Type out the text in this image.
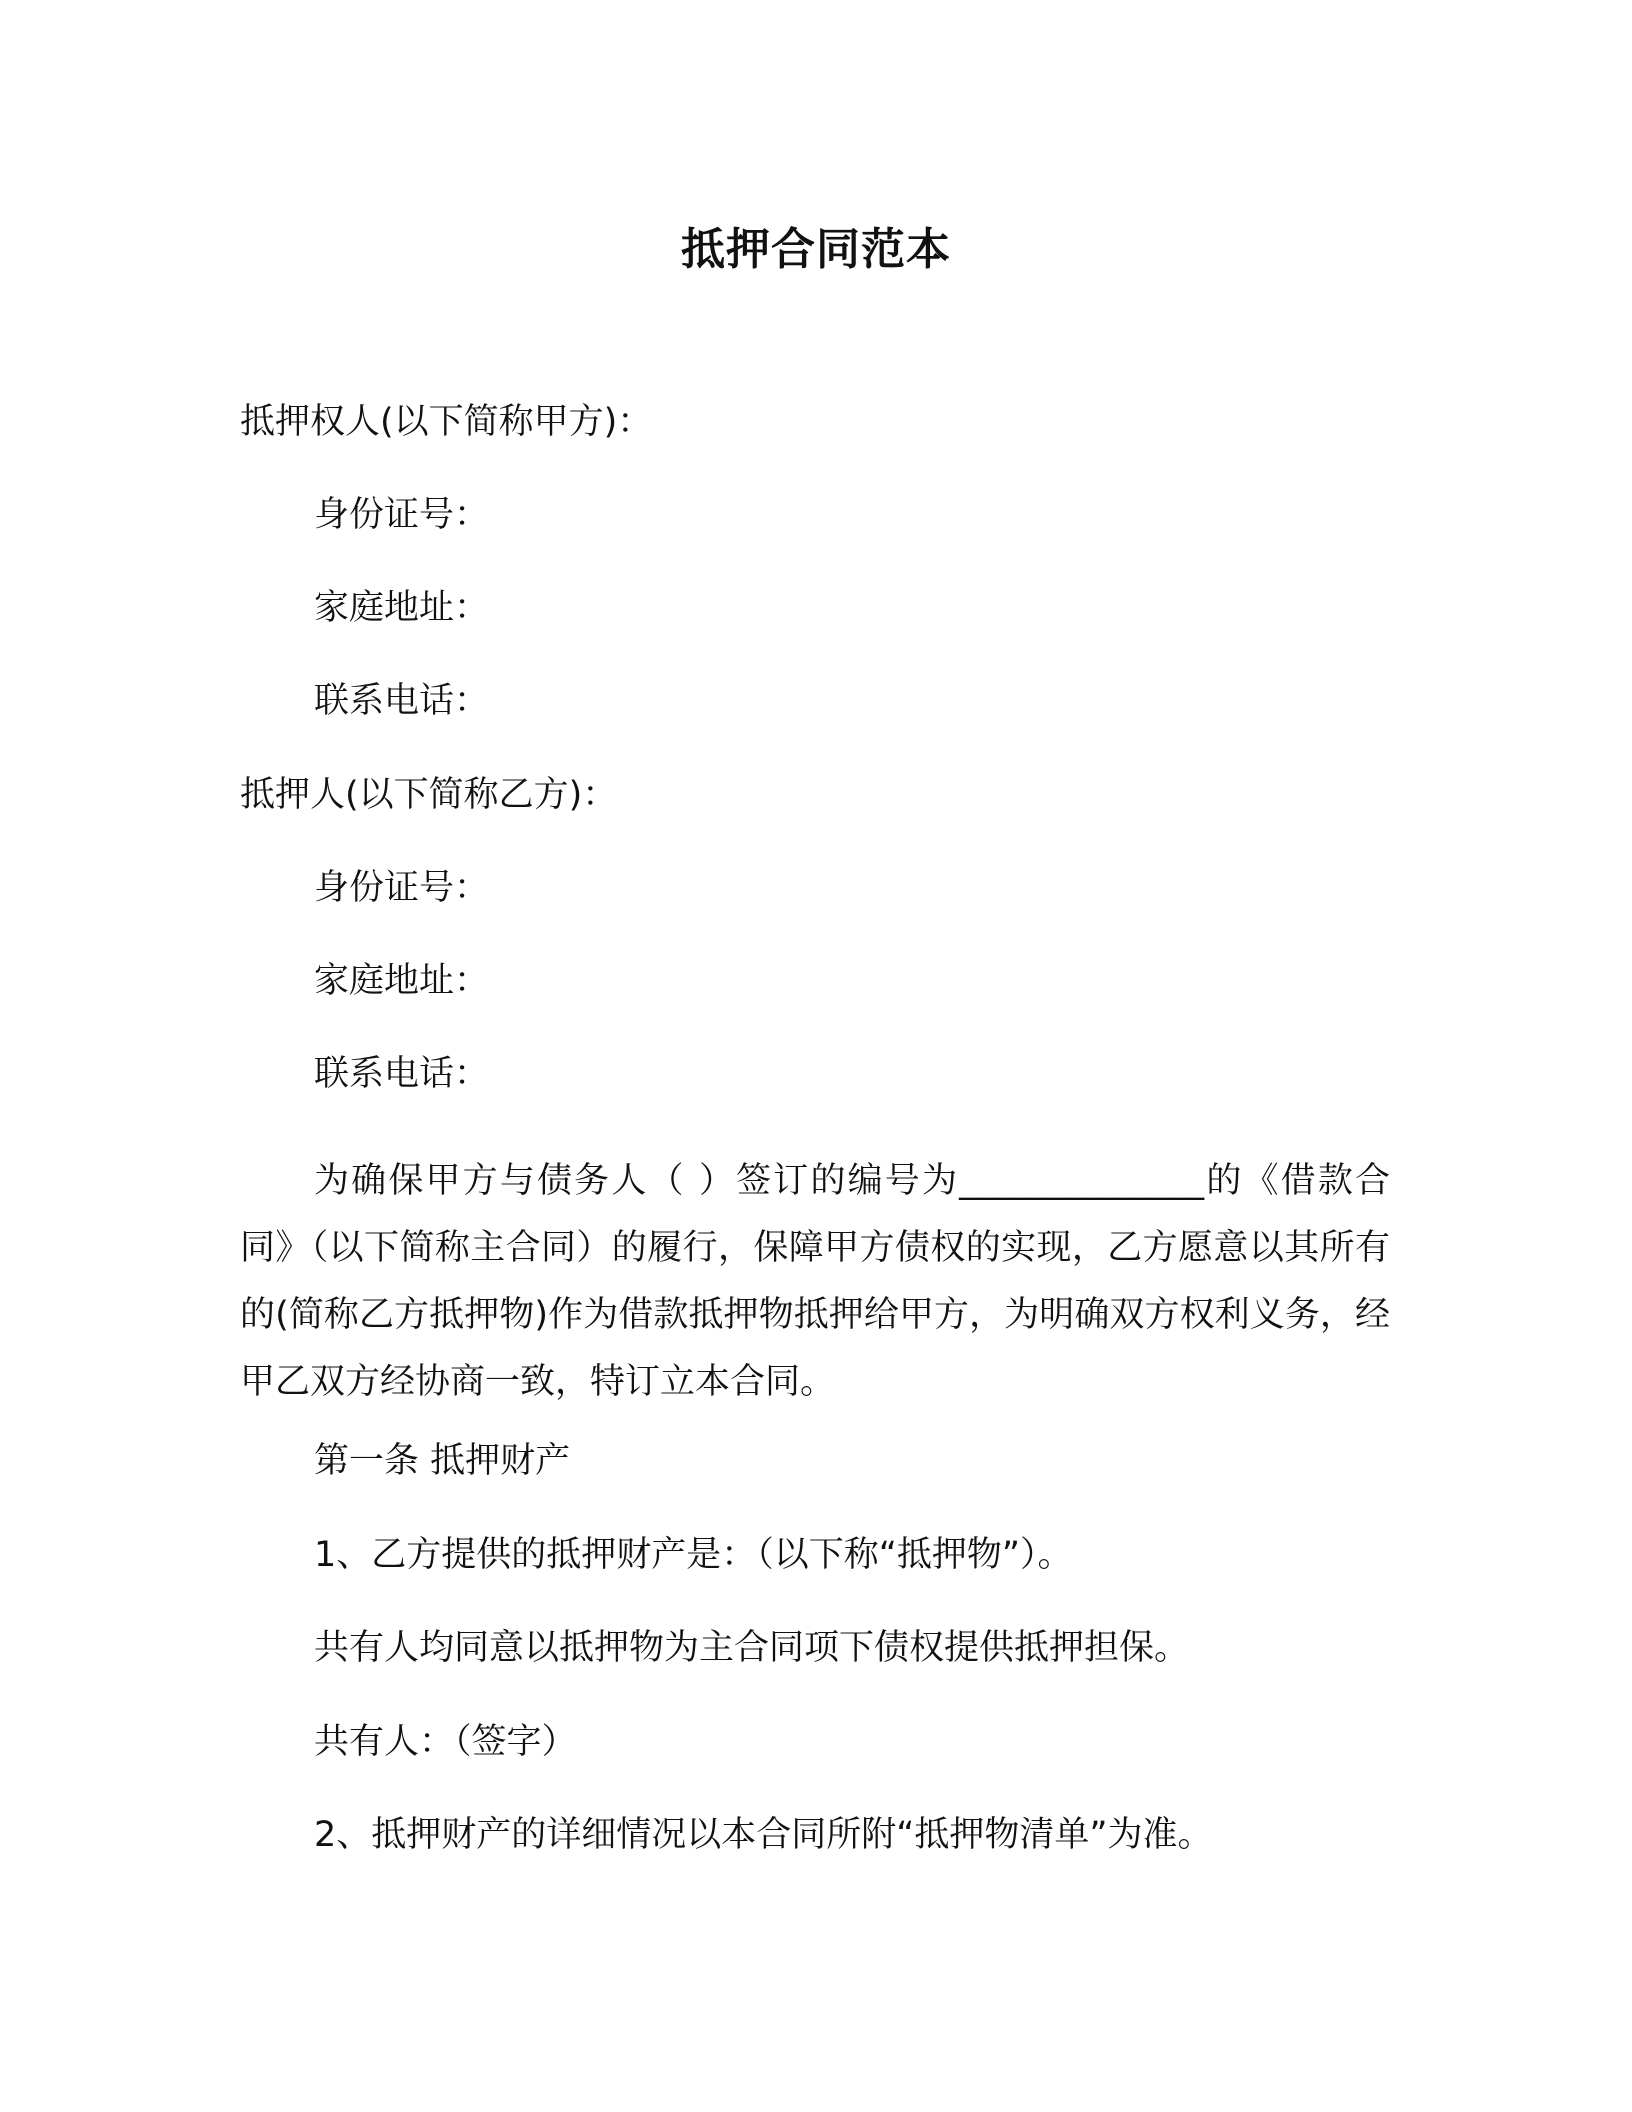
抵押合同范本
抵押权人(以下简称甲方)：
身份证号：
家庭地址：
联系电话：
抵押人(以下简称乙方)：
身份证号：
家庭地址：
联系电话：
为确保甲方与债务人（ ）签订的编号为______________的《借款合同》（以下简称主合同）的履行，保障甲方债权的实现，乙方愿意以其所有的(简称乙方抵押物)作为借款抵押物抵押给甲方，为明确双方权利义务，经甲乙双方经协商一致，特订立本合同。
第一条 抵押财产
1、乙方提供的抵押财产是：（以下称“抵押物”）。
共有人均同意以抵押物为主合同项下债权提供抵押担保。
共有人：（签字）
2、抵押财产的详细情况以本合同所附“抵押物清单”为准。
